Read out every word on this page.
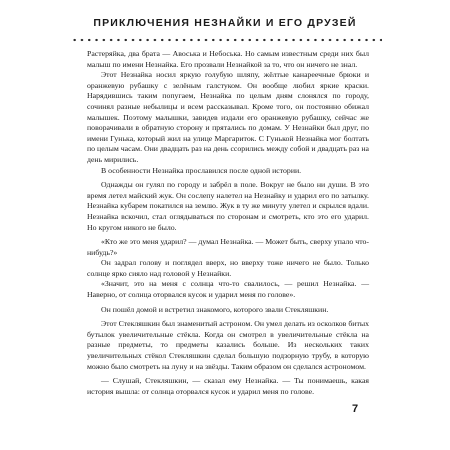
ПРИКЛЮЧЕНИЯ НЕЗНАЙКИ И ЕГО ДРУЗЕЙ

Растеряйка, два брата — Авоська и Небоська. Но самым известным среди них был малыш по имени Незнайка. Его прозвали Незнайкой за то, что он ничего не знал.

Этот Незнайка носил яркую голубую шляпу, жёлтые канареечные брюки и оранжевую рубашку с зелёным галстуком. Он вообще любил яркие краски. Нарядившись таким попугаем, Незнайка по целым дням слонялся по городу, сочинял разные небылицы и всем рассказывал. Кроме того, он постоянно обижал малышек. Поэтому малышки, завидев издали его оранжевую рубашку, сейчас же поворачивали в обратную сторону и прятались по домам. У Незнайки был друг, по имени Гунька, который жил на улице Маргариток. С Гунькой Незнайка мог болтать по целым часам. Они двадцать раз на день ссорились между собой и двадцать раз на день мирились.

В особенности Незнайка прославился после одной истории.

Однажды он гулял по городу и забрёл в поле. Вокруг не было ни души. В это время летел майский жук. Он сослепу налетел на Незнайку и ударил его по затылку. Незнайка кубарем покатился на землю. Жук в ту же минуту улетел и скрылся вдали. Незнайка вскочил, стал оглядываться по сторонам и смотреть, кто это его ударил. Но кругом никого не было.

«Кто же это меня ударил? — думал Незнайка. — Может быть, сверху упало что-нибудь?»

Он задрал голову и поглядел вверх, но вверху тоже ничего не было. Только солнце ярко сияло над головой у Незнайки.

«Значит, это на меня с солнца что-то свалилось, — решил Незнайка. — Наверно, от солнца оторвался кусок и ударил меня по голове».

Он пошёл домой и встретил знакомого, которого звали Стекляшкин.

Этот Стекляшкин был знаменитый астроном. Он умел делать из осколков битых бутылок увеличительные стёкла. Когда он смотрел в увеличительные стёкла на разные предметы, то предметы казались больше. Из нескольких таких увеличительных стёкол Стекляшкин сделал большую подзорную трубу, в которую можно было смотреть на луну и на звёзды. Таким образом он сделался астрономом.

— Слушай, Стекляшкин, — сказал ему Незнайка. — Ты понимаешь, какая история вышла: от солнца оторвался кусок и ударил меня по голове.

7
